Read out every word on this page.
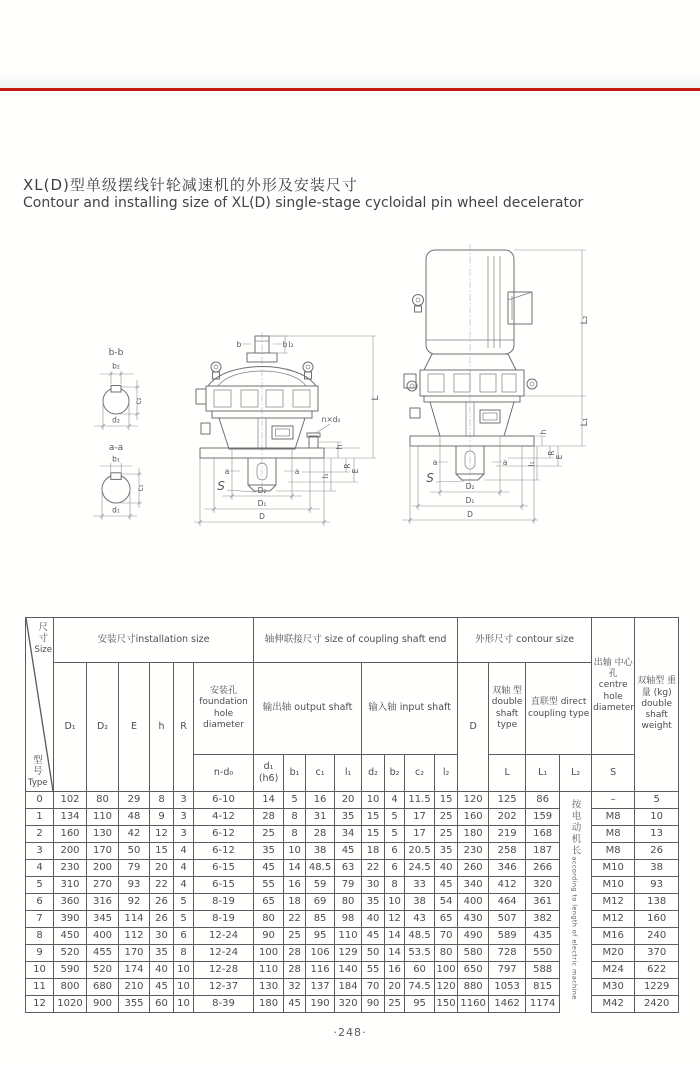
XL(D)型单级摆线针轮减速机的外形及安装尺寸
Contour and installing size of XL(D) single-stage cycloidal pin wheel decelerator
b-b
b₂
c₂
d₂
a-a
b₁
c₁
d₁
b	b l₂
n×d₀
a	a
S	D₂
D₁
D
l₁
h
R
E
L
a	a
S
D₂
D₁
D
L₂
L₁
h
R
E
l₁
尺寸
Size
型号
Type	安装尺寸installation size						轴伸联接尺寸 size of coupling shaft end								外形尺寸 contour size				出轴 中心孔 centre hole diameter	双轴型 重量 (kg) double shaft weight
	D₁	D₂	E	h	R	安装孔 foundation hole diameter	输出轴 output shaft				输入轴 input shaft				D	双轴 型 double shaft type	直联型 direct coupling type			
						n-d₀	d₁ (h6)	b₁	c₁	l₁	d₂	b₂	c₂	l₂		L	L₁	L₂	S	
0	102	80	29	8	3	6-10	14	5	16	20	10	4	11.5	15	120	125	86		–	5
1	134	110	48	9	3	4-12	28	8	31	35	15	5	17	25	160	202	159		M8	10
2	160	130	42	12	3	6-12	25	8	28	34	15	5	17	25	180	219	168		M8	13
3	200	170	50	15	4	6-12	35	10	38	45	18	6	20.5	35	230	258	187		M8	26
4	230	200	79	20	4	6-15	45	14	48.5	63	22	6	24.5	40	260	346	266		M10	38
5	310	270	93	22	4	6-15	55	16	59	79	30	8	33	45	340	412	320		M10	93
6	360	316	92	26	5	8-19	65	18	69	80	35	10	38	54	400	464	361		M12	138
7	390	345	114	26	5	8-19	80	22	85	98	40	12	43	65	430	507	382		M12	160
8	450	400	112	30	6	12-24	90	25	95	110	45	14	48.5	70	490	589	435		M16	240
9	520	455	170	35	8	12-24	100	28	106	129	50	14	53.5	80	580	728	550		M20	370
10	590	520	174	40	10	12-28	110	28	116	140	55	16	60	100	650	797	588		M24	622
11	800	680	210	45	10	12-37	130	32	137	184	70	20	74.5	120	880	1053	815		M30	1229
12	1020	900	355	60	10	8-39	180	45	190	320	90	25	95	150	1160	1462	1174		M42	2420
按电动机长according to length of electric machine
·248·
